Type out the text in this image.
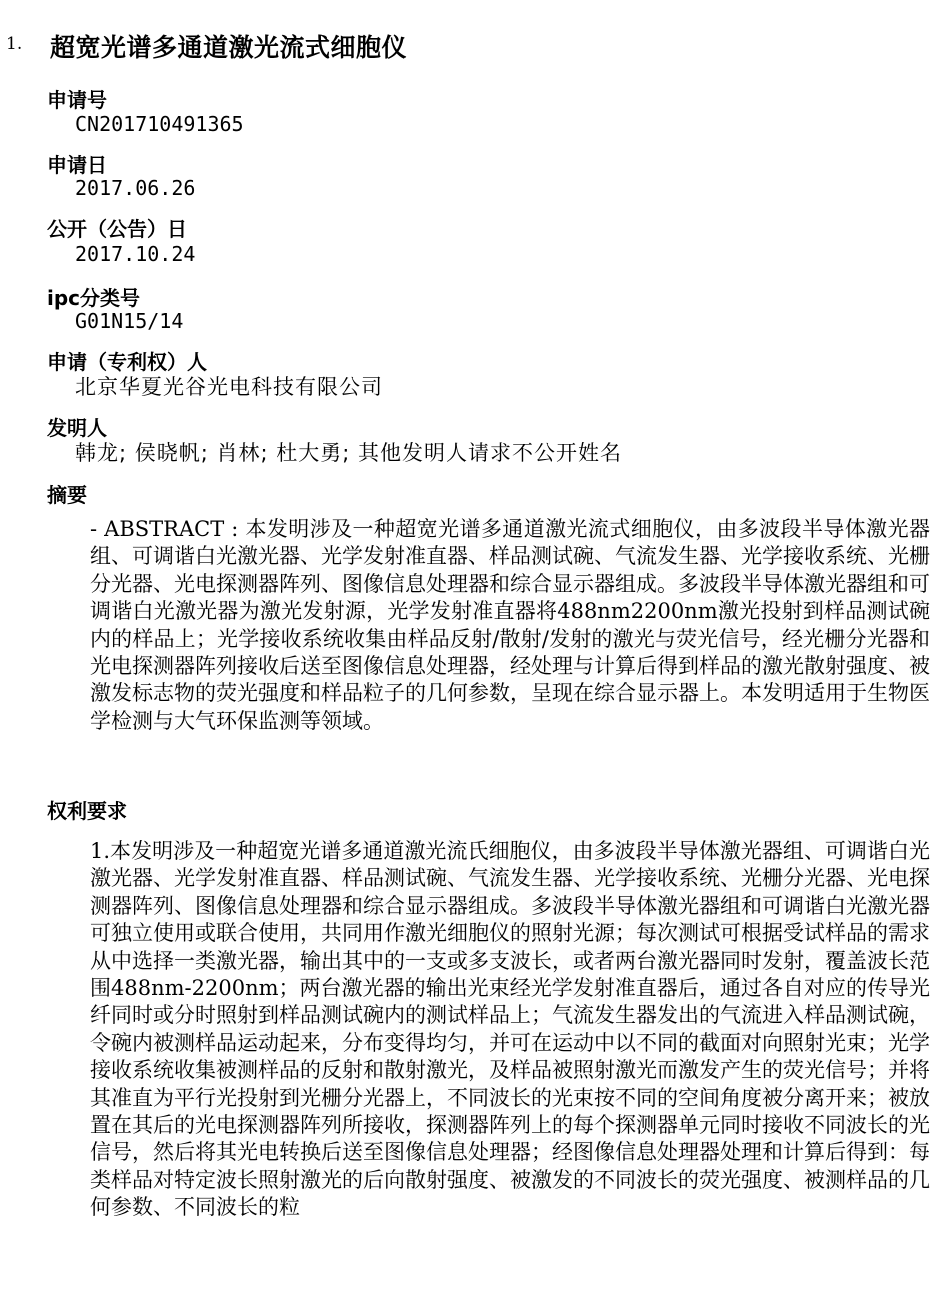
1. 超宽光谱多通道激光流式细胞仪
申请号
CN201710491365
申请日
2017.06.26
公开（公告）日
2017.10.24
ipc分类号
G01N15/14
申请（专利权）人
北京华夏光谷光电科技有限公司
发明人
韩龙; 侯晓帆; 肖林; 杜大勇; 其他发明人请求不公开姓名
摘要
- ABSTRACT : 本发明涉及一种超宽光谱多通道激光流式细胞仪，由多波段半导体激光器组、可调谐白光激光器、光学发射准直器、样品测试碗、气流发生器、光学接收系统、光栅分光器、光电探测器阵列、图像信息处理器和综合显示器组成。多波段半导体激光器组和可调谐白光激光器为激光发射源，光学发射准直器将488nm2200nm激光投射到样品测试碗内的样品上；光学接收系统收集由样品反射/散射/发射的激光与荧光信号，经光栅分光器和光电探测器阵列接收后送至图像信息处理器，经处理与计算后得到样品的激光散射强度、被激发标志物的荧光强度和样品粒子的几何参数，呈现在综合显示器上。本发明适用于生物医学检测与大气环保监测等领域。
权利要求
1.本发明涉及一种超宽光谱多通道激光流氏细胞仪，由多波段半导体激光器组、可调谐白光激光器、光学发射准直器、样品测试碗、气流发生器、光学接收系统、光栅分光器、光电探测器阵列、图像信息处理器和综合显示器组成。多波段半导体激光器组和可调谐白光激光器可独立使用或联合使用，共同用作激光细胞仪的照射光源；每次测试可根据受试样品的需求从中选择一类激光器，输出其中的一支或多支波长，或者两台激光器同时发射，覆盖波长范围488nm-2200nm；两台激光器的输出光束经光学发射准直器后，通过各自对应的传导光纤同时或分时照射到样品测试碗内的测试样品上；气流发生器发出的气流进入样品测试碗，令碗内被测样品运动起来，分布变得均匀，并可在运动中以不同的截面对向照射光束；光学接收系统收集被测样品的反射和散射激光，及样品被照射激光而激发产生的荧光信号；并将其准直为平行光投射到光栅分光器上，不同波长的光束按不同的空间角度被分离开来；被放置在其后的光电探测器阵列所接收，探测器阵列上的每个探测器单元同时接收不同波长的光信号，然后将其光电转换后送至图像信息处理器；经图像信息处理器处理和计算后得到：每类样品对特定波长照射激光的后向散射强度、被激发的不同波长的荧光强度、被测样品的几何参数、不同波长的粒
